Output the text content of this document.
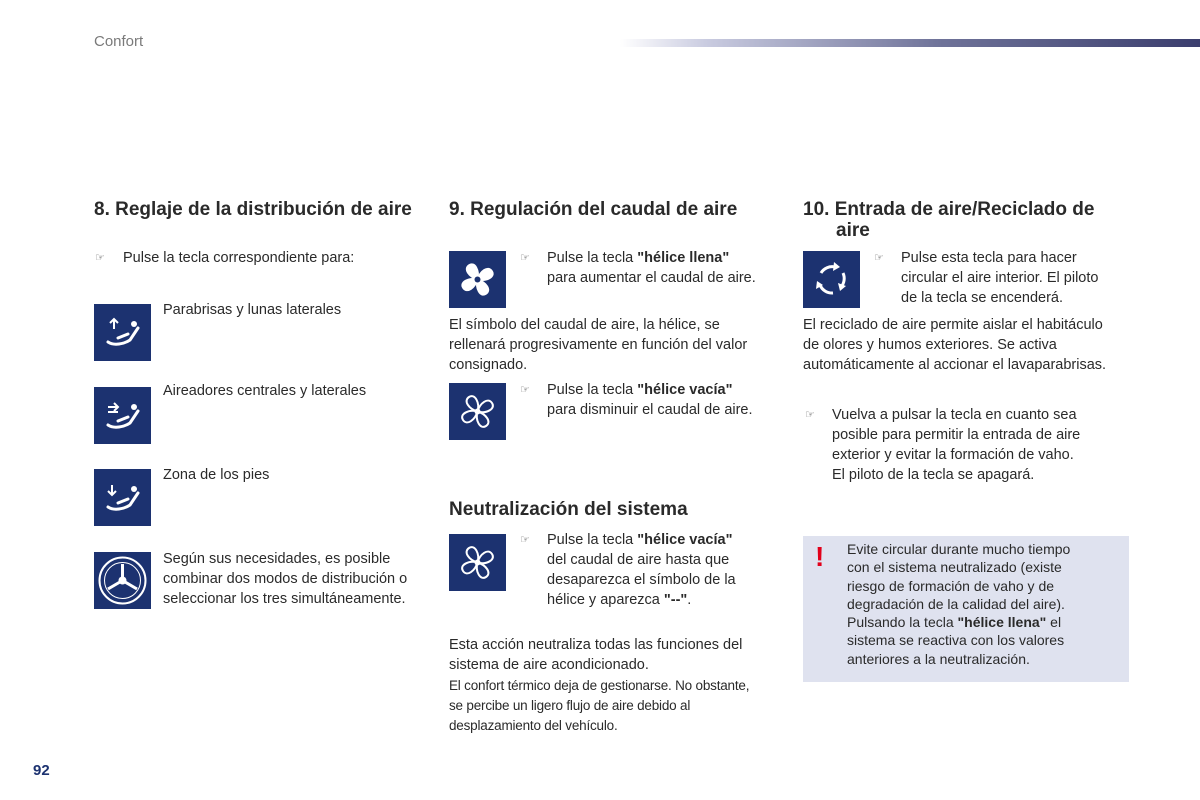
Confort
8. Reglaje de la distribución de aire
☞ Pulse la tecla correspondiente para:
Parabrisas y lunas laterales
Aireadores centrales y laterales
Zona de los pies
Según sus necesidades, es posible
combinar dos modos de distribución o
seleccionar los tres simultáneamente.
9. Regulación del caudal de aire
☞ Pulse la tecla "hélice llena"
para aumentar el caudal de aire.
El símbolo del caudal de aire, la hélice, se
rellenará progresivamente en función del valor
consignado.
☞ Pulse la tecla "hélice vacía"
para disminuir el caudal de aire.
Neutralización del sistema
☞ Pulse la tecla "hélice vacía"
del caudal de aire hasta que
desaparezca el símbolo de la
hélice y aparezca "--".
Esta acción neutraliza todas las funciones del
sistema de aire acondicionado.
El confort térmico deja de gestionarse. No obstante,
se percibe un ligero flujo de aire debido al
desplazamiento del vehículo.
10. Entrada de aire/Reciclado de
aire
☞ Pulse esta tecla para hacer
circular el aire interior. El piloto
de la tecla se encenderá.
El reciclado de aire permite aislar el habitáculo
de olores y humos exteriores. Se activa
automáticamente al accionar el lavaparabrisas.
☞ Vuelva a pulsar la tecla en cuanto sea
posible para permitir la entrada de aire
exterior y evitar la formación de vaho.
El piloto de la tecla se apagará.
! Evite circular durante mucho tiempo
con el sistema neutralizado (existe
riesgo de formación de vaho y de
degradación de la calidad del aire).
Pulsando la tecla "hélice llena" el
sistema se reactiva con los valores
anteriores a la neutralización.
92
